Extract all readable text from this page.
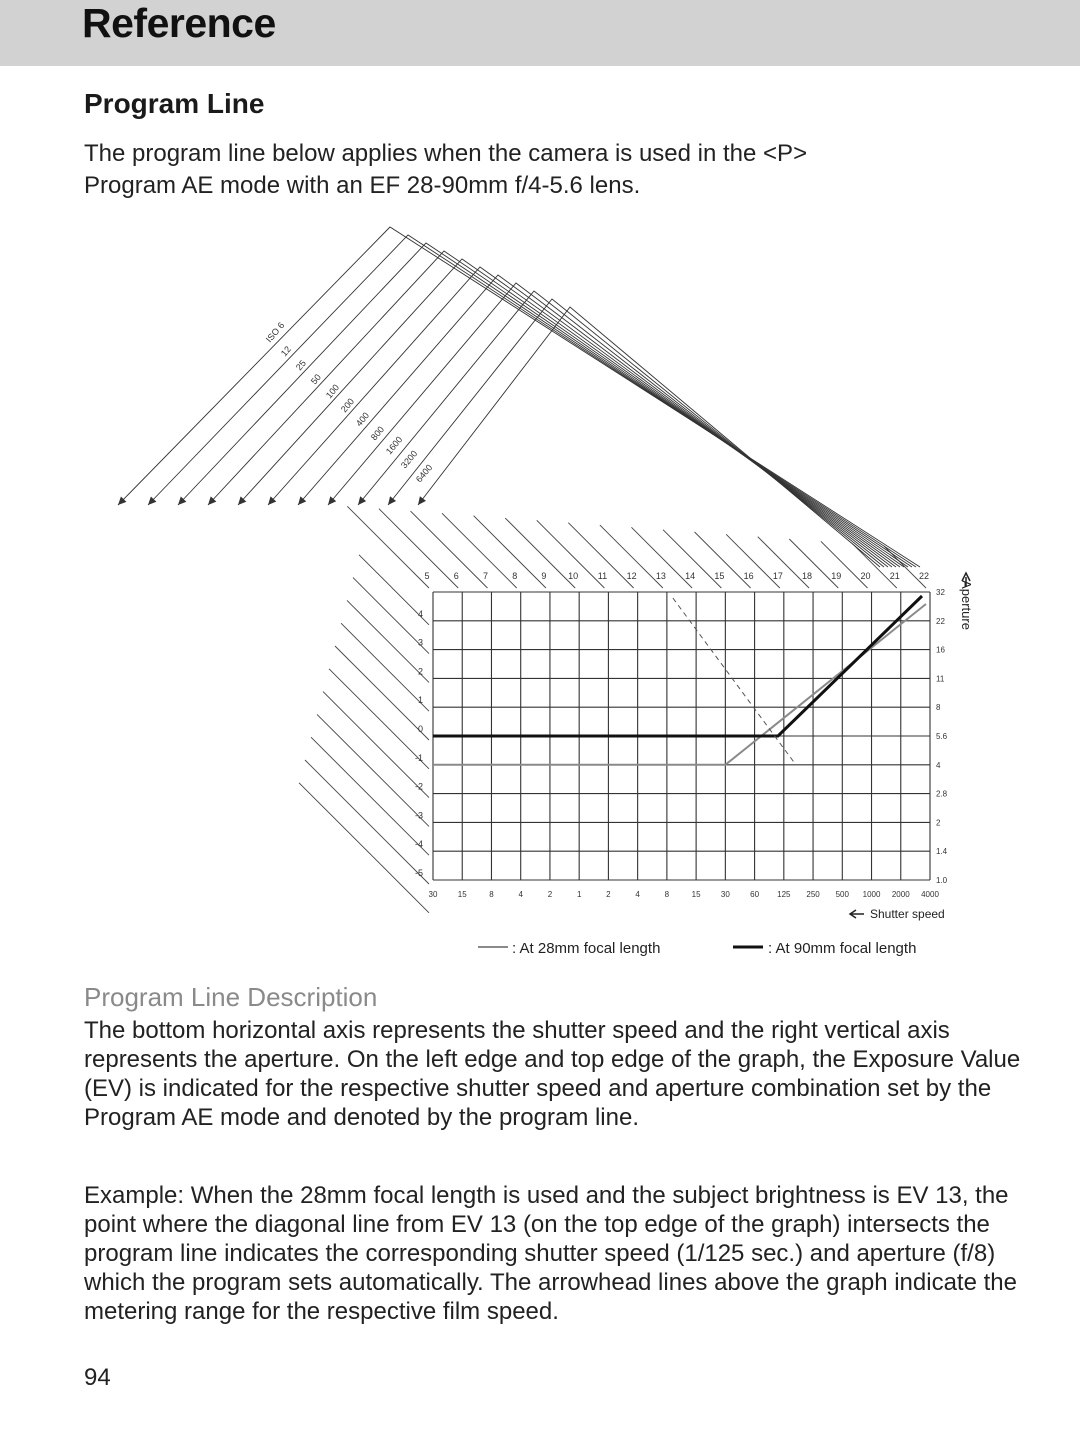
Reference
Program Line

The program line below applies when the camera is used in the <P>

Program AE mode with an EF 28-90mm f/4-5.6 lens.

30	15	8	4	2	1	2	4	8	15	30	60 125 250 500 1000 2000 4000
1.0
1.4
2
2.8
4
5.6
8
11
16
22
32
5	6	7	8	9 10 11 12 13 14 15 16 17 18 19 20 21 22
4
3
2
1
0
-1
-2
-3
-4
-5
ISO 6
12
25
50
100
200
400
800
1600
3200
6400
Aperture
Shutter speed
: At 28mm focal length	: At 90mm focal length
Program Line Description

The bottom horizontal axis represents the shutter speed and the right vertical axis represents the aperture. On the left edge and top edge of the graph, the Exposure Value (EV) is indicated for the respective shutter speed and aperture combination set by the Program AE mode and denoted by the program line.

Example: When the 28mm focal length is used and the subject brightness is EV 13, the point where the diagonal line from EV 13 (on the top edge of the graph) intersects the program line indicates the corresponding shutter speed (1/125 sec.) and aperture (f/8) which the program sets automatically. The arrowhead lines above the graph indicate the metering range for the respective film speed.

94
